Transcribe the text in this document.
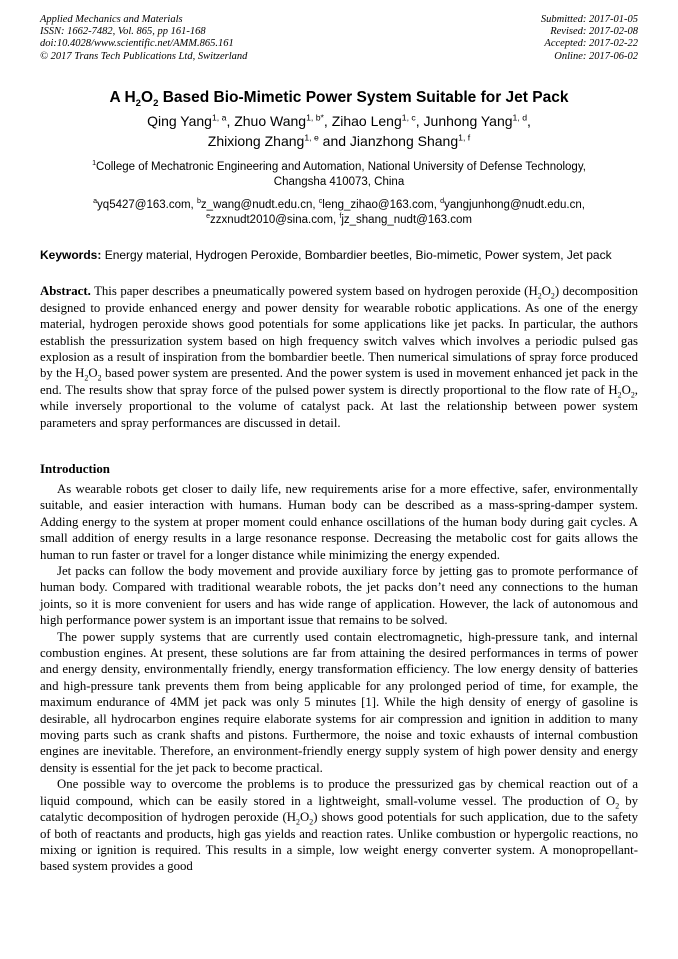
Applied Mechanics and Materials
ISSN: 1662-7482, Vol. 865, pp 161-168
doi:10.4028/www.scientific.net/AMM.865.161
© 2017 Trans Tech Publications Ltd, Switzerland
Submitted: 2017-01-05
Revised: 2017-02-08
Accepted: 2017-02-22
Online: 2017-06-02
A $H_2O_2$ Based Bio-Mimetic Power System Suitable for Jet Pack
Qing Yang$^{1, a}$, Zhuo Wang$^{1, b*}$, Zihao Leng$^{1, c}$, Junhong Yang$^{1, d}$,
Zhixiong Zhang$^{1, e}$ and Jianzhong Shang$^{1, f}$
$^1$College of Mechatronic Engineering and Automation, National University of Defense Technology,
Changsha 410073, China
$^a$yq5427@163.com, $^b$z_wang@nudt.edu.cn, $^c$leng_zihao@163.com, $^d$yangjunhong@nudt.edu.cn,
$^e$zzxnudt2010@sina.com, $^f$jz_shang_nudt@163.com

Keywords: Energy material, Hydrogen Peroxide, Bombardier beetles, Bio-mimetic, Power system, Jet pack

Abstract. This paper describes a pneumatically powered system based on hydrogen peroxide $(H_2O_2)$ decomposition designed to provide enhanced energy and power density for wearable robotic applications. As one of the energy material, hydrogen peroxide shows good potentials for some applications like jet packs. In particular, the authors establish the pressurization system based on high frequency switch valves which involves a periodic pulsed gas explosion as a result of inspiration from the bombardier beetle. Then numerical simulations of spray force produced by the $H_2O_2$ based power system are presented. And the power system is used in movement enhanced jet pack in the end. The results show that spray force of the pulsed power system is directly proportional to the flow rate of $H_2O_2$, while inversely proportional to the volume of catalyst pack. At last the relationship between power system parameters and spray performances are discussed in detail.

Introduction

As wearable robots get closer to daily life, new requirements arise for a more effective, safer, environmentally suitable, and easier interaction with humans. Human body can be described as a mass-spring-damper system. Adding energy to the system at proper moment could enhance oscillations of the human body during gait cycles. A small addition of energy results in a large resonance response. Decreasing the metabolic cost for gaits allows the human to run faster or travel for a longer distance while minimizing the energy expended.

Jet packs can follow the body movement and provide auxiliary force by jetting gas to promote performance of human body. Compared with traditional wearable robots, the jet packs don’t need any connections to the human joints, so it is more convenient for users and has wide range of application. However, the lack of autonomous and high performance power system is an important issue that remains to be solved.

The power supply systems that are currently used contain electromagnetic, high-pressure tank, and internal combustion engines. At present, these solutions are far from attaining the desired performances in terms of power and energy density, environmentally friendly, energy transformation efficiency. The low energy density of batteries and high-pressure tank prevents them from being applicable for any prolonged period of time, for example, the maximum endurance of 4MM jet pack was only 5 minutes [1]. While the high density of energy of gasoline is desirable, all hydrocarbon engines require elaborate systems for air compression and ignition in addition to many moving parts such as crank shafts and pistons. Furthermore, the noise and toxic exhausts of internal combustion engines are inevitable. Therefore, an environment-friendly energy supply system of high power density and energy density is essential for the jet pack to become practical.

One possible way to overcome the problems is to produce the pressurized gas by chemical reaction out of a liquid compound, which can be easily stored in a lightweight, small-volume vessel. The production of $O_2$ by catalytic decomposition of hydrogen peroxide $(H_2O_2)$ shows good potentials for such application, due to the safety of both of reactants and products, high gas yields and reaction rates. Unlike combustion or hypergolic reactions, no mixing or ignition is required. This results in a simple, low weight energy converter system. A monopropellant-based system provides a good
